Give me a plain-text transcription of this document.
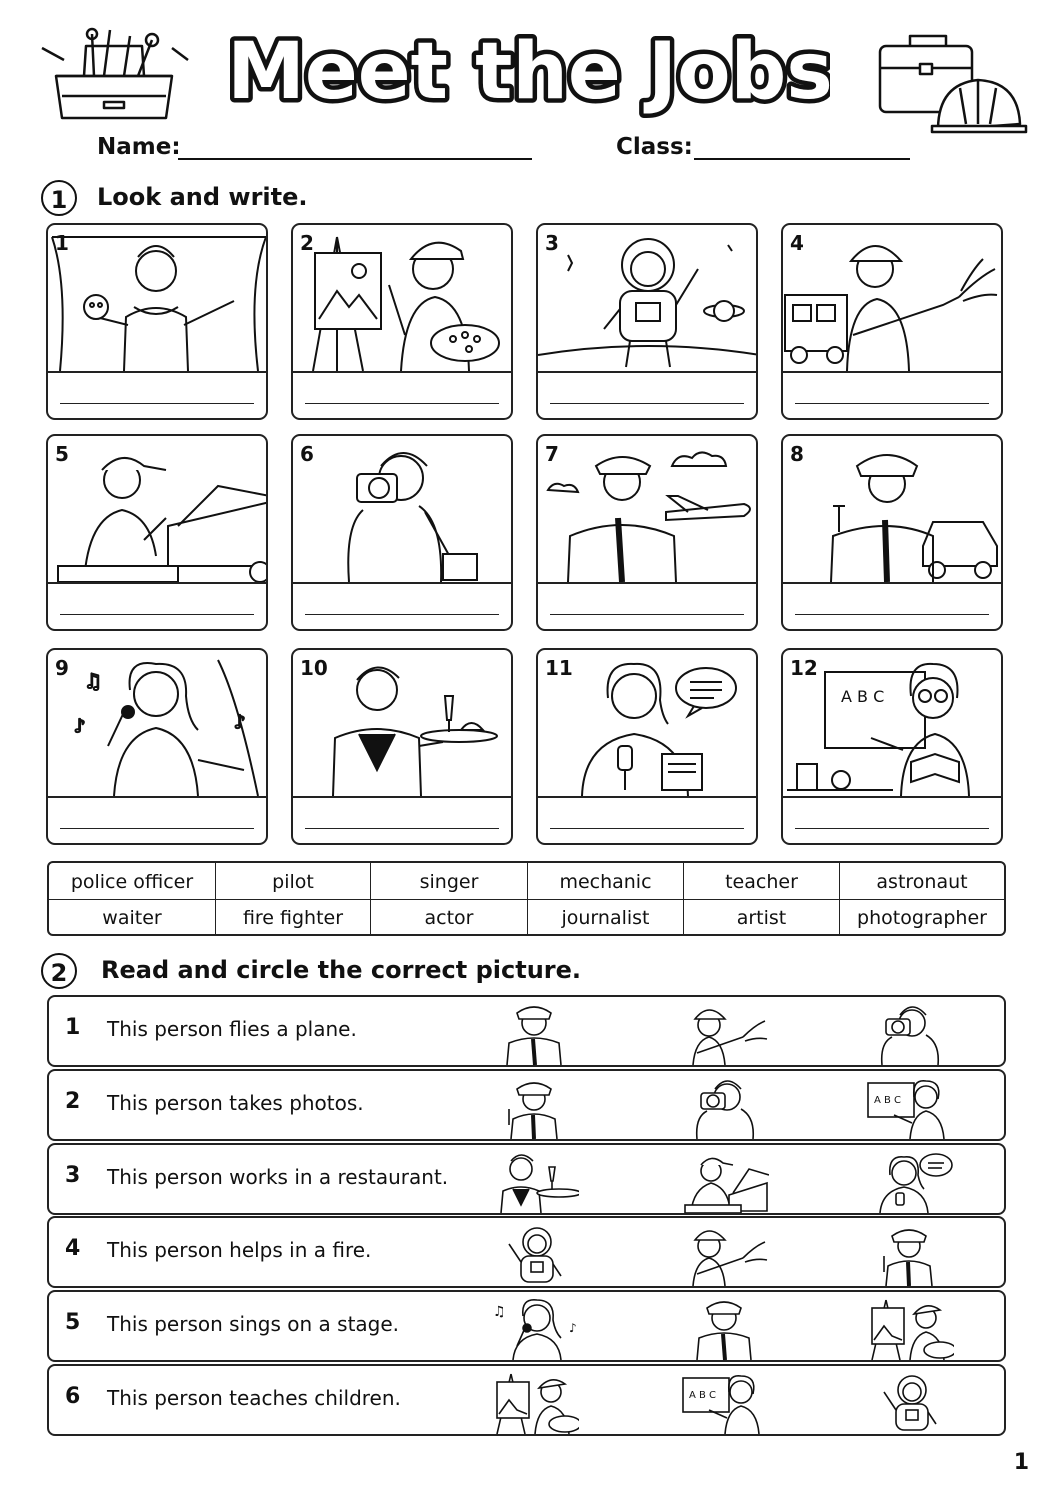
Meet the Jobs
Name:	Class:
1	Look and write.
1	2	3	4
5	6	7	8
♫
♪	♪
9	10	11
A B C
12
police officer	pilot	singer	mechanic	teacher	astronaut
waiter	fire fighter	actor	journalist	artist	photographer
2	Read and circle the correct picture.
1 This person flies a plane.
2 This person takes photos.	A B C
3 This person works in a restaurant.
4 This person helps in a fire.
5 This person sings on a stage.	♫
♪
6 This person teaches children.	A B C
1
